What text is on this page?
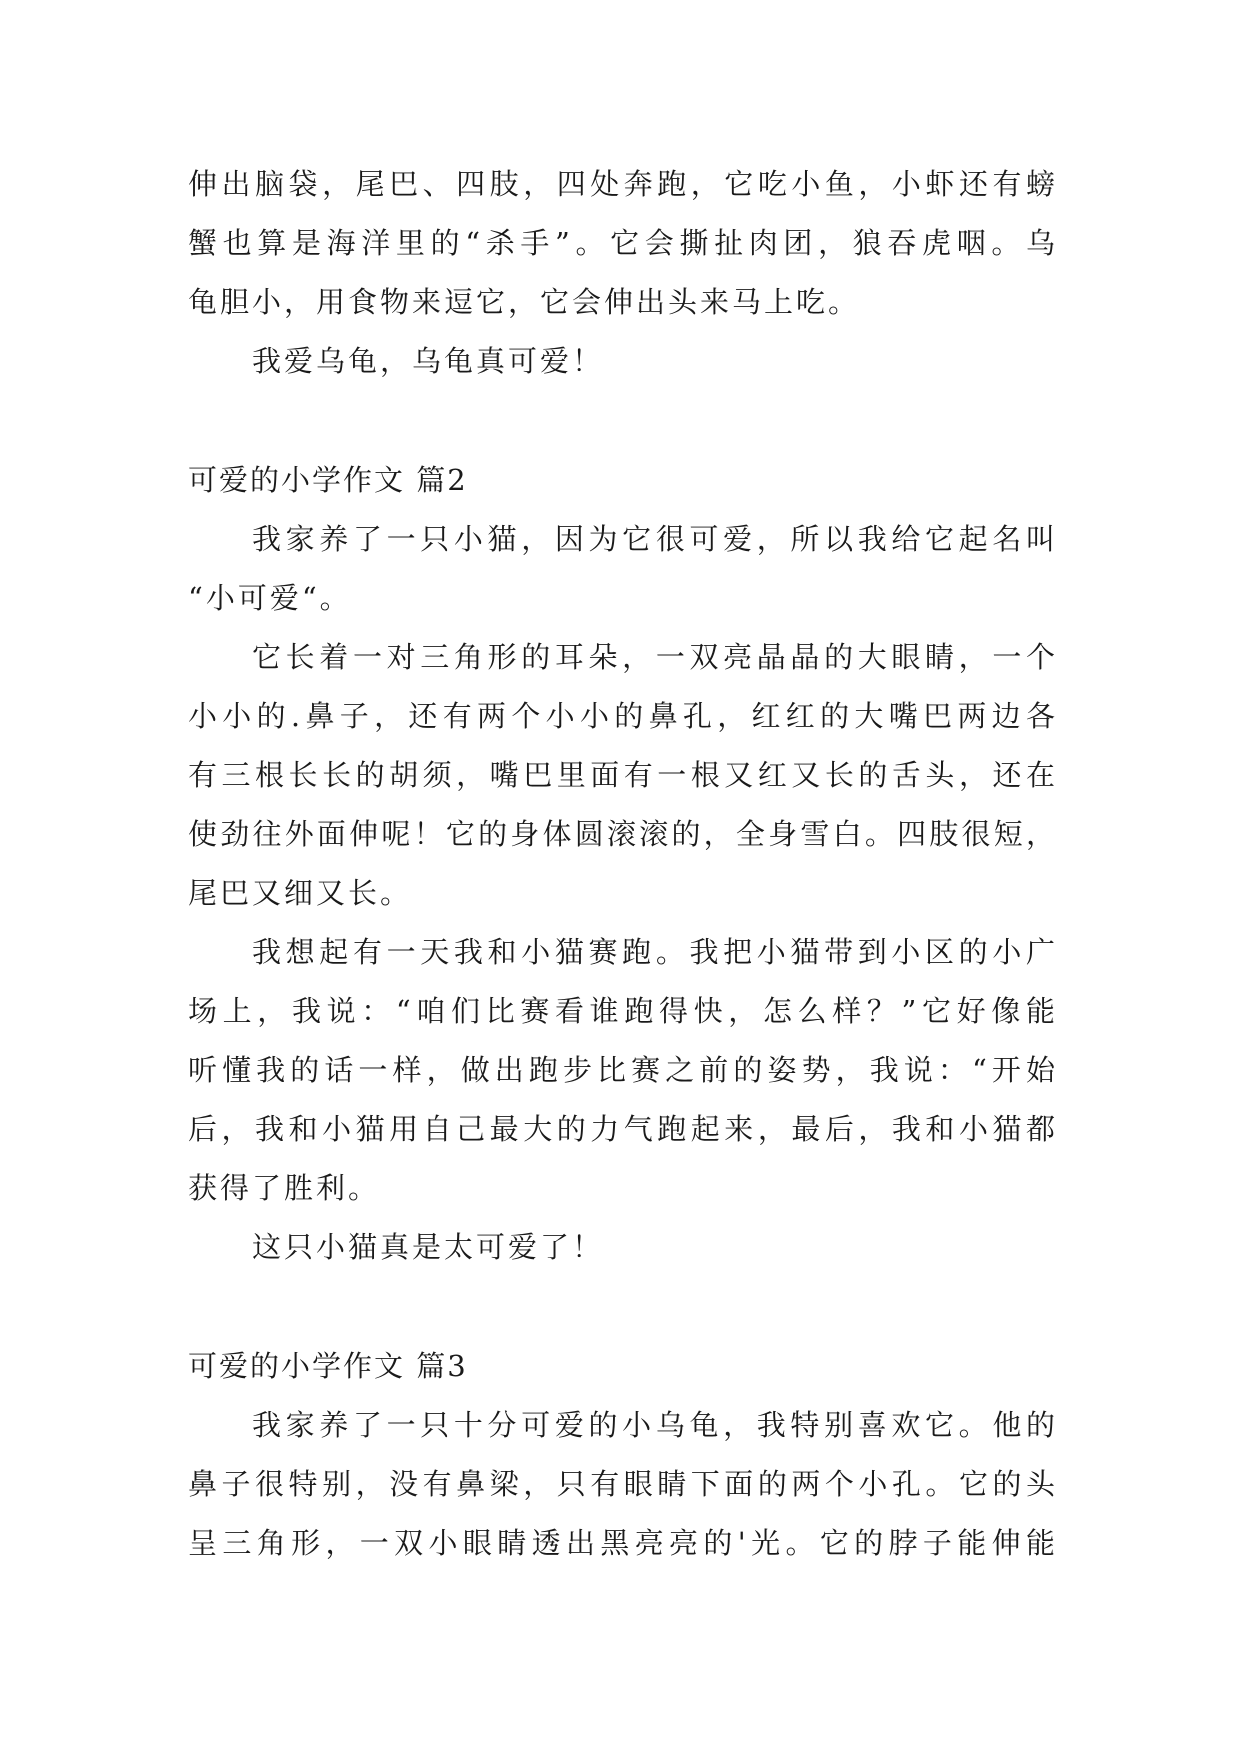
伸出脑袋，尾巴、四肢，四处奔跑，它吃小鱼，小虾还有螃
蟹也算是海洋里的“杀手”。它会撕扯肉团，狼吞虎咽。乌
龟胆小，用食物来逗它，它会伸出头来马上吃。
我爱乌龟，乌龟真可爱！
可爱的小学作文 篇2
我家养了一只小猫，因为它很可爱，所以我给它起名叫
“小可爱“。
它长着一对三角形的耳朵，一双亮晶晶的大眼睛，一个
小小的.鼻子，还有两个小小的鼻孔，红红的大嘴巴两边各
有三根长长的胡须，嘴巴里面有一根又红又长的舌头，还在
使劲往外面伸呢！它的身体圆滚滚的，全身雪白。四肢很短，
尾巴又细又长。
我想起有一天我和小猫赛跑。我把小猫带到小区的小广
场上，我说：“咱们比赛看谁跑得快，怎么样？”它好像能
听懂我的话一样，做出跑步比赛之前的姿势，我说：“开始
后，我和小猫用自己最大的力气跑起来，最后，我和小猫都
获得了胜利。
这只小猫真是太可爱了！
可爱的小学作文 篇3
我家养了一只十分可爱的小乌龟，我特别喜欢它。他的
鼻子很特别，没有鼻梁，只有眼睛下面的两个小孔。它的头
呈三角形，一双小眼睛透出黑亮亮的'光。它的脖子能伸能
